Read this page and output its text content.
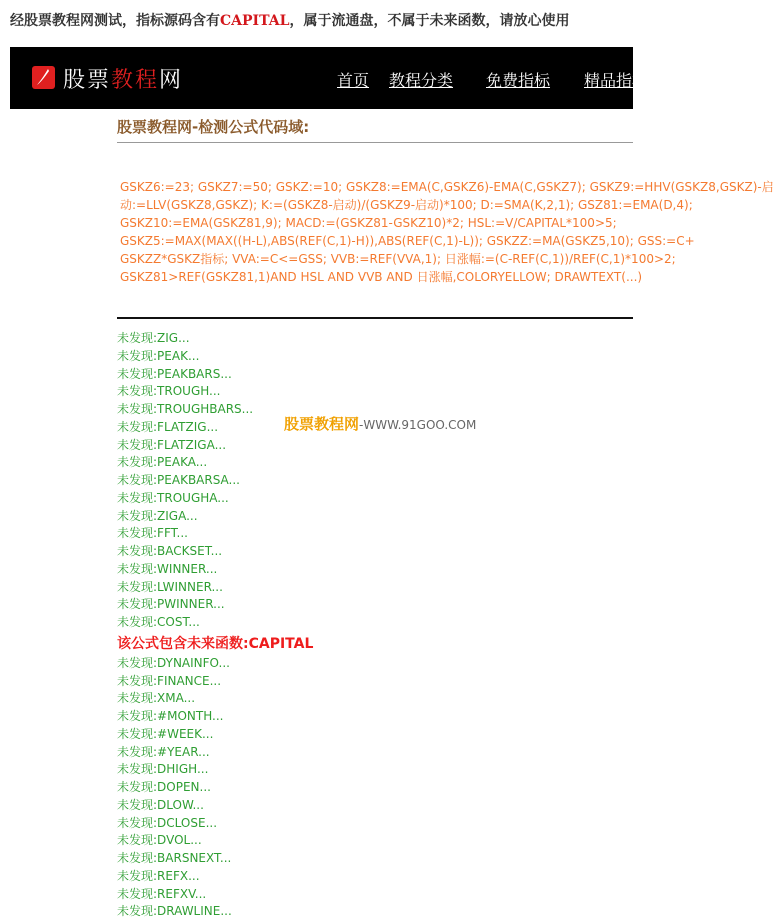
经股票教程网测试，指标源码含有CAPITAL，属于流通盘，不属于未来函数，请放心使用
股票教程网	首页 教程分类 免费指标 精品指标
股票教程网-检测公式代码域:
GSKZ6:=23; GSKZ7:=50; GSKZ:=10; GSKZ8:=EMA(C,GSKZ6)-EMA(C,GSKZ7); GSKZ9:=HHV(GSKZ8,GSKZ)-启
动:=LLV(GSKZ8,GSKZ); K:=(GSKZ8-启动)/(GSKZ9-启动)*100; D:=SMA(K,2,1); GSZ81:=EMA(D,4);
GSKZ10:=EMA(GSKZ81,9); MACD:=(GSKZ81-GSKZ10)*2; HSL:=V/CAPITAL*100>5;
GSKZ5:=MAX(MAX((H-L),ABS(REF(C,1)-H)),ABS(REF(C,1)-L)); GSKZZ:=MA(GSKZ5,10); GSS:=C+
GSKZZ*GSKZ指标; VVA:=C<=GSS; VVB:=REF(VVA,1); 日涨幅:=(C-REF(C,1))/REF(C,1)*100>2;
GSKZ81>REF(GSKZ81,1)AND HSL AND VVB AND 日涨幅,COLORYELLOW; DRAWTEXT(...)
未发现:ZIG...
未发现:PEAK...
未发现:PEAKBARS...
未发现:TROUGH...
未发现:TROUGHBARS...
未发现:FLATZIG...
未发现:FLATZIGA...
未发现:PEAKA...
未发现:PEAKBARSA...
未发现:TROUGHA...
未发现:ZIGA...
未发现:FFT...
未发现:BACKSET...
未发现:WINNER...
未发现:LWINNER...
未发现:PWINNER...
未发现:COST...
该公式包含未来函数:CAPITAL
未发现:DYNAINFO...
未发现:FINANCE...
未发现:XMA...
未发现:#MONTH...
未发现:#WEEK...
未发现:#YEAR...
未发现:DHIGH...
未发现:DOPEN...
未发现:DLOW...
未发现:DCLOSE...
未发现:DVOL...
未发现:BARSNEXT...
未发现:REFX...
未发现:REFXV...
未发现:DRAWLINE...
股票教程网-WWW.91GOO.COM
